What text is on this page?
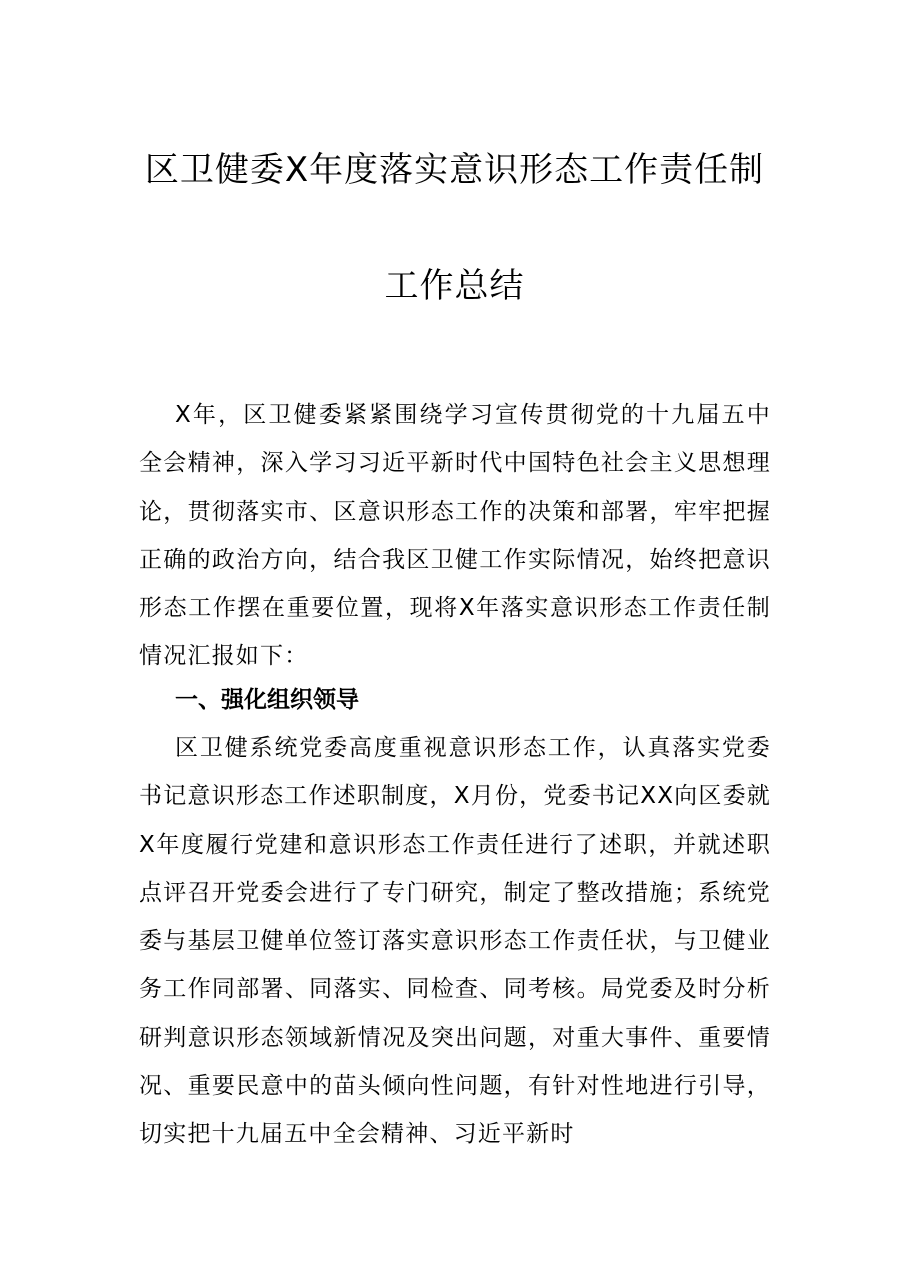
区卫健委X年度落实意识形态工作责任制
工作总结
X年，区卫健委紧紧围绕学习宣传贯彻党的十九届五中全会精神，深入学习习近平新时代中国特色社会主义思想理论，贯彻落实市、区意识形态工作的决策和部署，牢牢把握正确的政治方向，结合我区卫健工作实际情况，始终把意识形态工作摆在重要位置，现将X年落实意识形态工作责任制情况汇报如下：
一、强化组织领导
区卫健系统党委高度重视意识形态工作，认真落实党委书记意识形态工作述职制度，X月份，党委书记XX向区委就X年度履行党建和意识形态工作责任进行了述职，并就述职点评召开党委会进行了专门研究，制定了整改措施；系统党委与基层卫健单位签订落实意识形态工作责任状，与卫健业务工作同部署、同落实、同检查、同考核。局党委及时分析研判意识形态领域新情况及突出问题，对重大事件、重要情况、重要民意中的苗头倾向性问题，有针对性地进行引导，切实把十九届五中全会精神、习近平新时
